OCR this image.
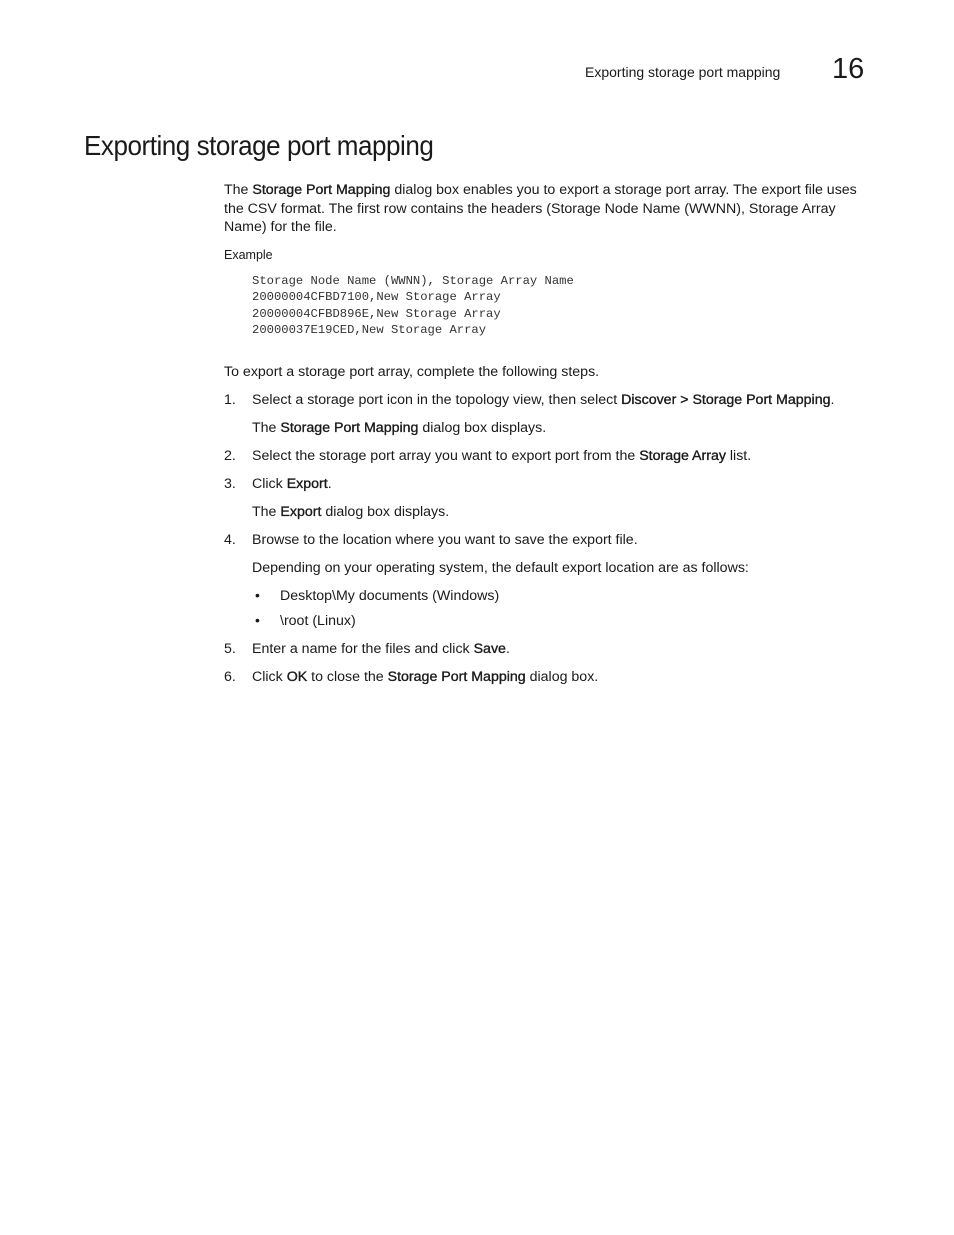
Exporting storage port mapping 16
Exporting storage port mapping

The Storage Port Mapping dialog box enables you to export a storage port array. The export file uses the CSV format. The first row contains the headers (Storage Node Name (WWNN), Storage Array Name) for the file.

Example
Storage Node Name (WWNN), Storage Array Name
20000004CFBD7100,New Storage Array
20000004CFBD896E,New Storage Array
20000037E19CED,New Storage Array
To export a storage port array, complete the following steps.
1. Select a storage port icon in the topology view, then select Discover > Storage Port Mapping.
The Storage Port Mapping dialog box displays.
2. Select the storage port array you want to export port from the Storage Array list.
3. Click Export.
The Export dialog box displays.
4. Browse to the location where you want to save the export file.
Depending on your operating system, the default export location are as follows:
• Desktop\My documents (Windows)
• \root (Linux)
5. Enter a name for the files and click Save.
6. Click OK to close the Storage Port Mapping dialog box.
